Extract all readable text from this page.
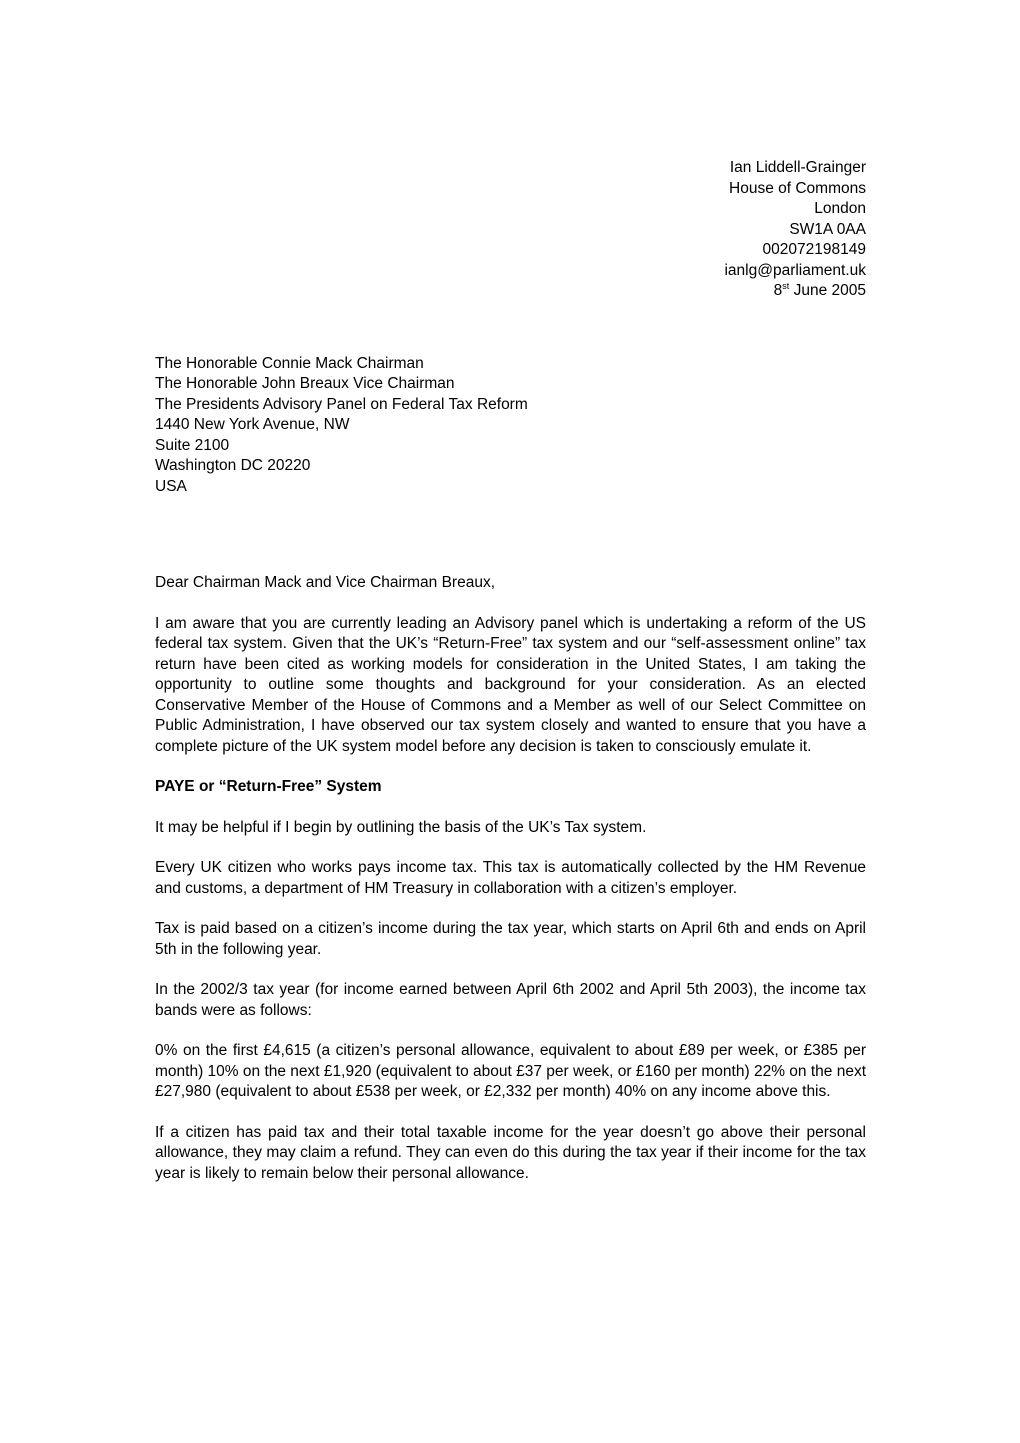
Ian Liddell-Grainger
House of Commons
London
SW1A 0AA
002072198149
ianlg@parliament.uk
8st June 2005
The Honorable Connie Mack Chairman
The Honorable John Breaux Vice Chairman
The Presidents Advisory Panel on Federal Tax Reform
1440 New York Avenue, NW
Suite 2100
Washington DC 20220
USA

Dear Chairman Mack and Vice Chairman Breaux,

I am aware that you are currently leading an Advisory panel which is undertaking a reform of the US federal tax system. Given that the UK’s “Return-Free” tax system and our “self-assessment online” tax return have been cited as working models for consideration in the United States, I am taking the opportunity to outline some thoughts and background for your consideration. As an elected Conservative Member of the House of Commons and a Member as well of our Select Committee on Public Administration, I have observed our tax system closely and wanted to ensure that you have a complete picture of the UK system model before any decision is taken to consciously emulate it.

PAYE or “Return-Free” System

It may be helpful if I begin by outlining the basis of the UK’s Tax system.

Every UK citizen who works pays income tax. This tax is automatically collected by the HM Revenue and customs, a department of HM Treasury in collaboration with a citizen’s employer.

Tax is paid based on a citizen’s income during the tax year, which starts on April 6th and ends on April 5th in the following year.

In the 2002/3 tax year (for income earned between April 6th 2002 and April 5th 2003), the income tax bands were as follows:

0% on the first £4,615 (a citizen’s personal allowance, equivalent to about £89 per week, or £385 per month) 10% on the next £1,920 (equivalent to about £37 per week, or £160 per month) 22% on the next £27,980 (equivalent to about £538 per week, or £2,332 per month) 40% on any income above this.

If a citizen has paid tax and their total taxable income for the year doesn’t go above their personal allowance, they may claim a refund. They can even do this during the tax year if their income for the tax year is likely to remain below their personal allowance.
